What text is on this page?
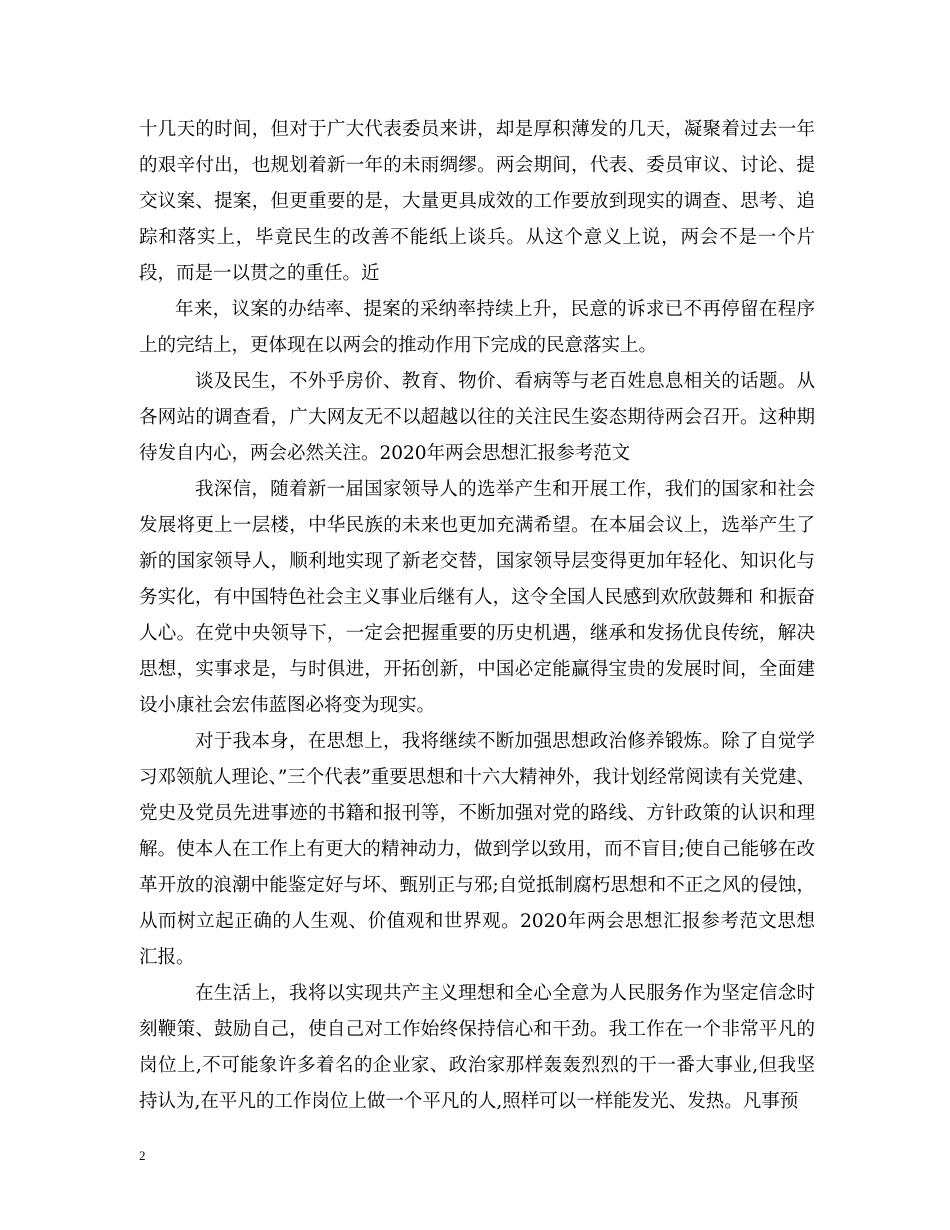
十几天的时间，但对于广大代表委员来讲，却是厚积薄发的几天，凝聚着过去一年的艰辛付出，也规划着新一年的未雨绸缪。两会期间，代表、委员审议、讨论、提交议案、提案，但更重要的是，大量更具成效的工作要放到现实的调查、思考、追踪和落实上，毕竟民生的改善不能纸上谈兵。从这个意义上说，两会不是一个片段，而是一以贯之的重任。近

年来，议案的办结率、提案的采纳率持续上升，民意的诉求已不再停留在程序上的完结上，更体现在以两会的推动作用下完成的民意落实上。

谈及民生，不外乎房价、教育、物价、看病等与老百姓息息相关的话题。从各网站的调查看，广大网友无不以超越以往的关注民生姿态期待两会召开。这种期待发自内心，两会必然关注。2020年两会思想汇报参考范文

我深信，随着新一届国家领导人的选举产生和开展工作，我们的国家和社会发展将更上一层楼，中华民族的未来也更加充满希望。在本届会议上，选举产生了新的国家领导人，顺利地实现了新老交替，国家领导层变得更加年轻化、知识化与务实化，有中国特色社会主义事业后继有人，这令全国人民感到欢欣鼓舞和 和振奋人心。在党中央领导下，一定会把握重要的历史机遇，继承和发扬优良传统，解决思想，实事求是，与时俱进，开拓创新，中国必定能赢得宝贵的发展时间，全面建设小康社会宏伟蓝图必将变为现实。

对于我本身，在思想上，我将继续不断加强思想政治修养锻炼。除了自觉学习邓领航人理论、”三个代表”重要思想和十六大精神外，我计划经常阅读有关党建、党史及党员先进事迹的书籍和报刊等，不断加强对党的路线、方针政策的认识和理解。使本人在工作上有更大的精神动力，做到学以致用，而不盲目;使自己能够在改革开放的浪潮中能鉴定好与坏、甄别正与邪;自觉抵制腐朽思想和不正之风的侵蚀，从而树立起正确的人生观、价值观和世界观。2020年两会思想汇报参考范文思想汇报。

在生活上，我将以实现共产主义理想和全心全意为人民服务作为坚定信念时刻鞭策、鼓励自己，使自己对工作始终保持信心和干劲。我工作在一个非常平凡的岗位上,不可能象许多着名的企业家、政治家那样轰轰烈烈的干一番大事业,但我坚持认为,在平凡的工作岗位上做一个平凡的人,照样可以一样能发光、发热。凡事预

2
